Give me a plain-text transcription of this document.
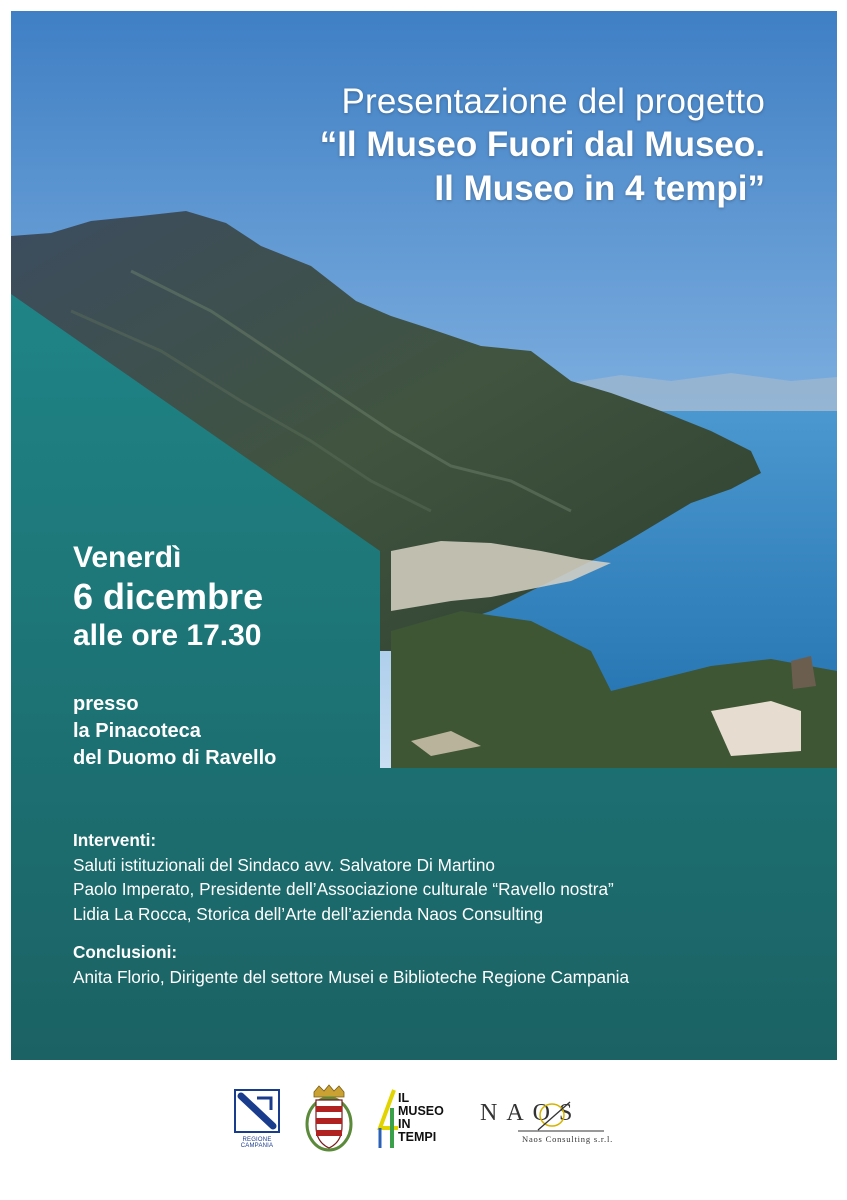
Presentazione del progetto
“Il Museo Fuori dal Museo.
Il Museo in 4 tempi”
Venerdì
6 dicembre
alle ore 17.30
presso
la Pinacoteca
del Duomo di Ravello
Interventi:
Saluti istituzionali del Sindaco avv. Salvatore Di Martino
Paolo Imperato, Presidente dell’Associazione culturale “Ravello nostra”
Lidia La Rocca, Storica dell’Arte dell’azienda Naos Consulting
Conclusioni:
Anita Florio, Dirigente del settore Musei e Biblioteche Regione Campania
REGIONE CAMPANIA
IL
MUSEO
IN
TEMPI
NAOS
Naos Consulting s.r.l.
